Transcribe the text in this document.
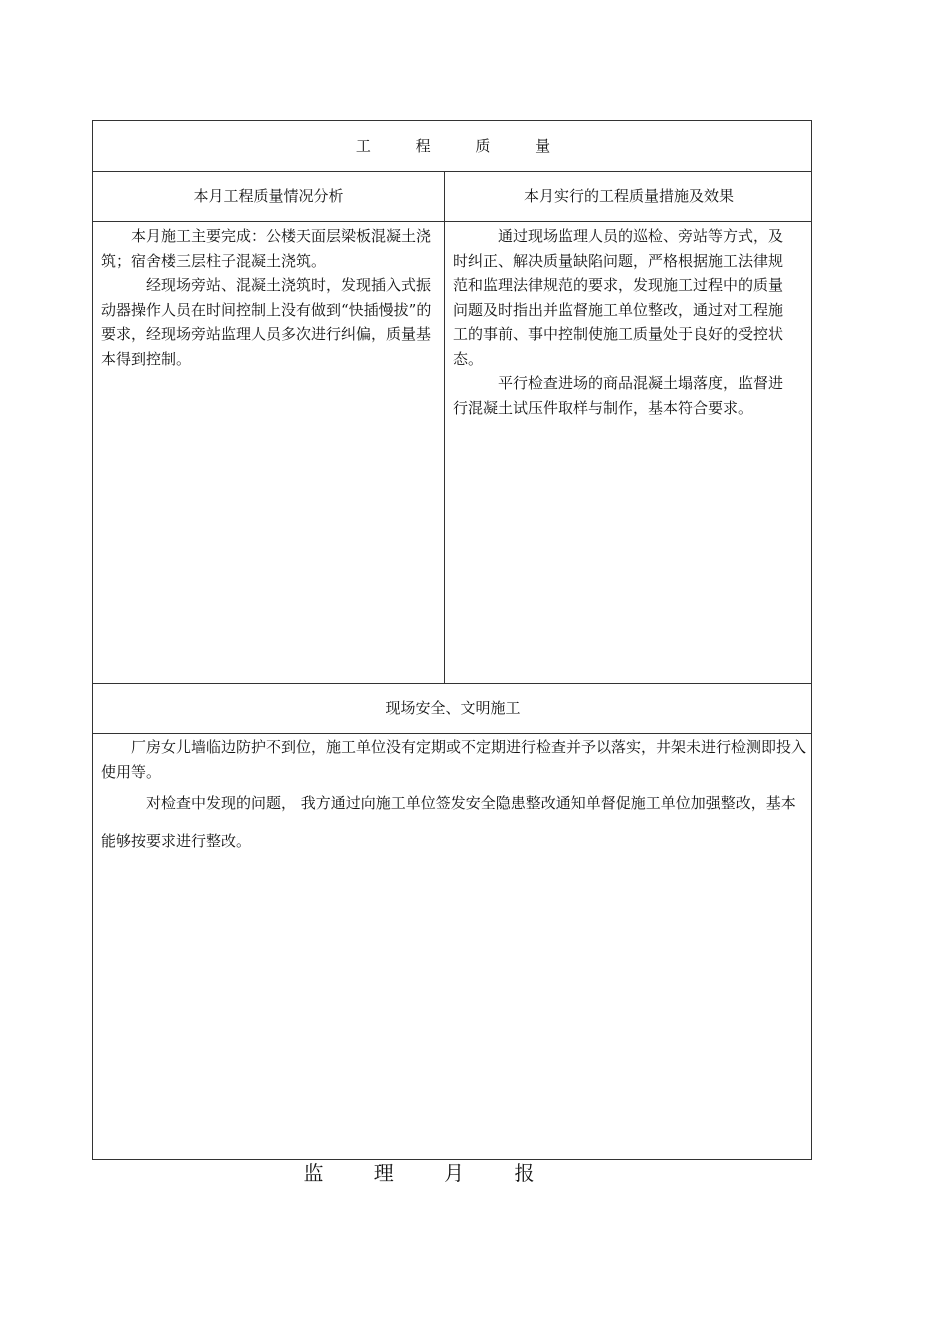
工 程 质 量
本月工程质量情况分析	本月实行的工程质量措施及效果

本月施工主要完成：公楼天面层梁板混凝土浇筑；宿舍楼三层柱子混凝土浇筑。

经现场旁站、混凝土浇筑时，发现插入式振动器操作人员在时间控制上没有做到“快插慢拔”的要求，经现场旁站监理人员多次进行纠偏，质量基本得到控制。

通过现场监理人员的巡检、旁站等方式，及时纠正、解决质量缺陷问题，严格根据施工法律规范和监理法律规范的要求，发现施工过程中的质量问题及时指出并监督施工单位整改，通过对工程施工的事前、事中控制使施工质量处于良好的受控状态。

平行检查进场的商品混凝土塌落度，监督进行混凝土试压件取样与制作，基本符合要求。

现场安全、文明施工

厂房女儿墙临边防护不到位，施工单位没有定期或不定期进行检查并予以落实，井架未进行检测即投入使用等。

对检查中发现的问题， 我方通过向施工单位签发安全隐患整改通知单督促施工单位加强整改，基本能够按要求进行整改。

监 理 月 报
